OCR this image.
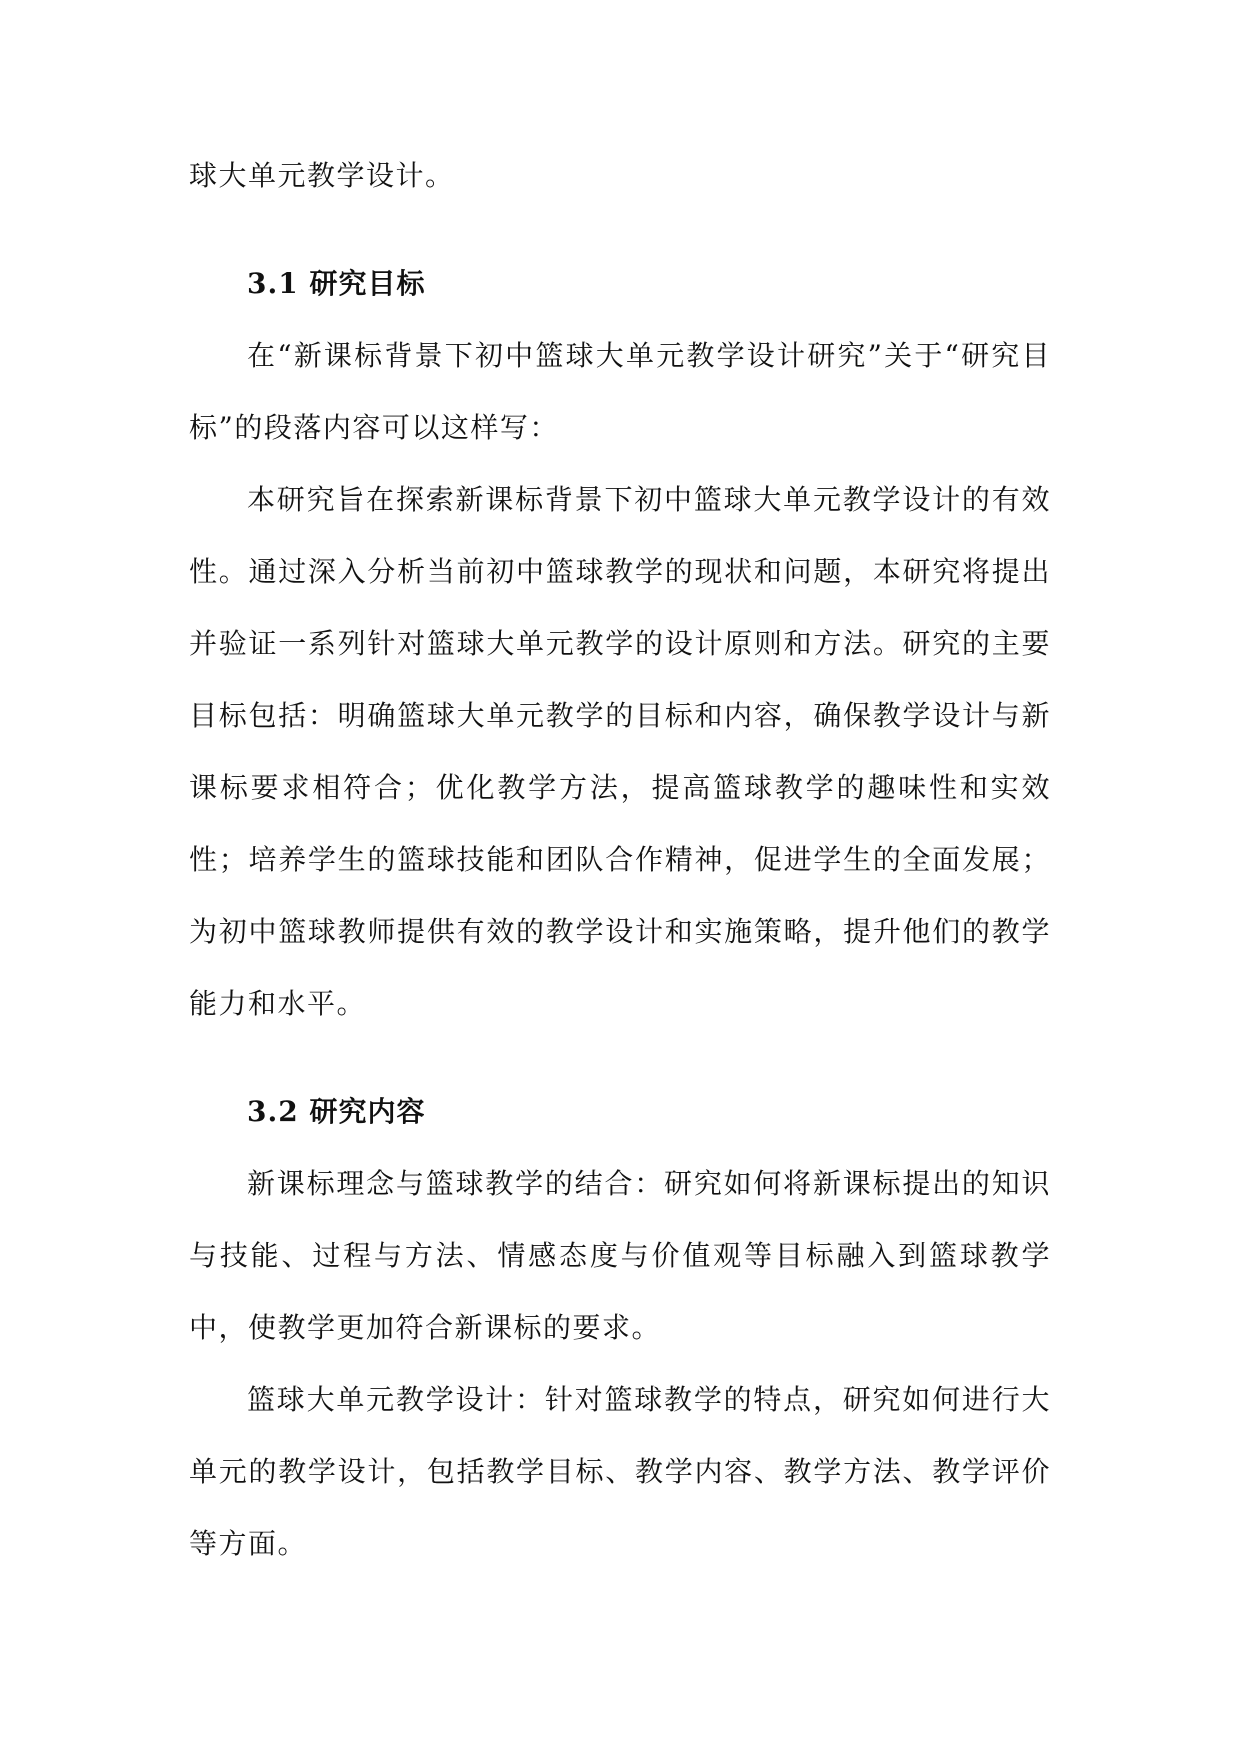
球大单元教学设计。

3.1 研究目标

在“新课标背景下初中篮球大单元教学设计研究”关于“研究目标”的段落内容可以这样写：

本研究旨在探索新课标背景下初中篮球大单元教学设计的有效性。通过深入分析当前初中篮球教学的现状和问题，本研究将提出并验证一系列针对篮球大单元教学的设计原则和方法。研究的主要目标包括：明确篮球大单元教学的目标和内容，确保教学设计与新课标要求相符合；优化教学方法，提高篮球教学的趣味性和实效性；培养学生的篮球技能和团队合作精神，促进学生的全面发展；为初中篮球教师提供有效的教学设计和实施策略，提升他们的教学能力和水平。

3.2 研究内容

新课标理念与篮球教学的结合：研究如何将新课标提出的知识与技能、过程与方法、情感态度与价值观等目标融入到篮球教学中，使教学更加符合新课标的要求。

篮球大单元教学设计：针对篮球教学的特点，研究如何进行大单元的教学设计，包括教学目标、教学内容、教学方法、教学评价等方面。
